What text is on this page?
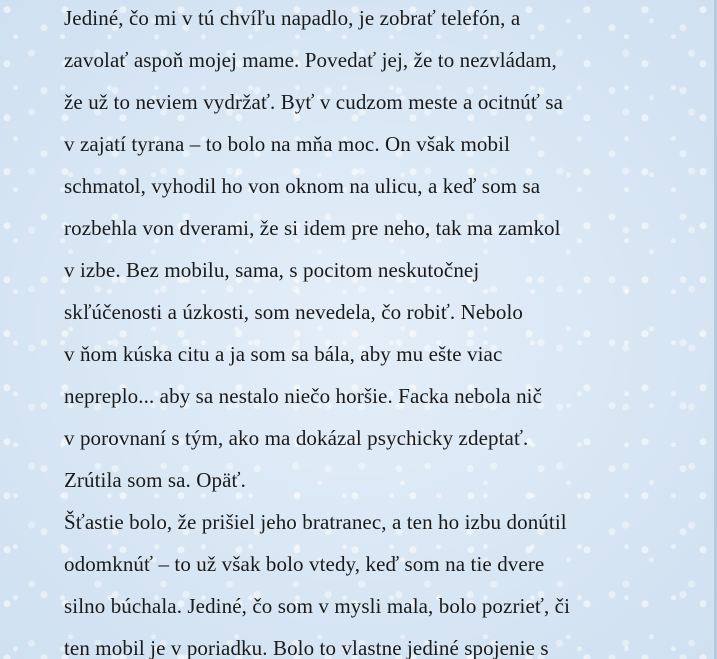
Jediné, čo mi v tú chvíľu napadlo, je zobrať telefón, a
zavolať aspoň mojej mame. Povedať jej, že to nezvládam,
že už to neviem vydržať. Byť v cudzom meste a ocitnúť sa
v zajatí tyrana – to bolo na mňa moc. On však mobil
schmatol, vyhodil ho von oknom na ulicu, a keď som sa
rozbehla von dverami, že si idem pre neho, tak ma zamkol
v izbe. Bez mobilu, sama, s pocitom neskutočnej
skľúčenosti a úzkosti, som nevedela, čo robiť. Nebolo
v ňom kúska citu a ja som sa bála, aby mu ešte viac
nepreplo... aby sa nestalo niečo horšie. Facka nebola nič
v porovnaní s tým, ako ma dokázal psychicky zdeptať.
Zrútila som sa. Opäť.
Šťastie bolo, že prišiel jeho bratranec, a ten ho izbu donútil
odomknúť – to už však bolo vtedy, keď som na tie dvere
silno búchala. Jediné, čo som v mysli mala, bolo pozrieť, či
ten mobil je v poriadku. Bolo to vlastne jediné spojenie s
